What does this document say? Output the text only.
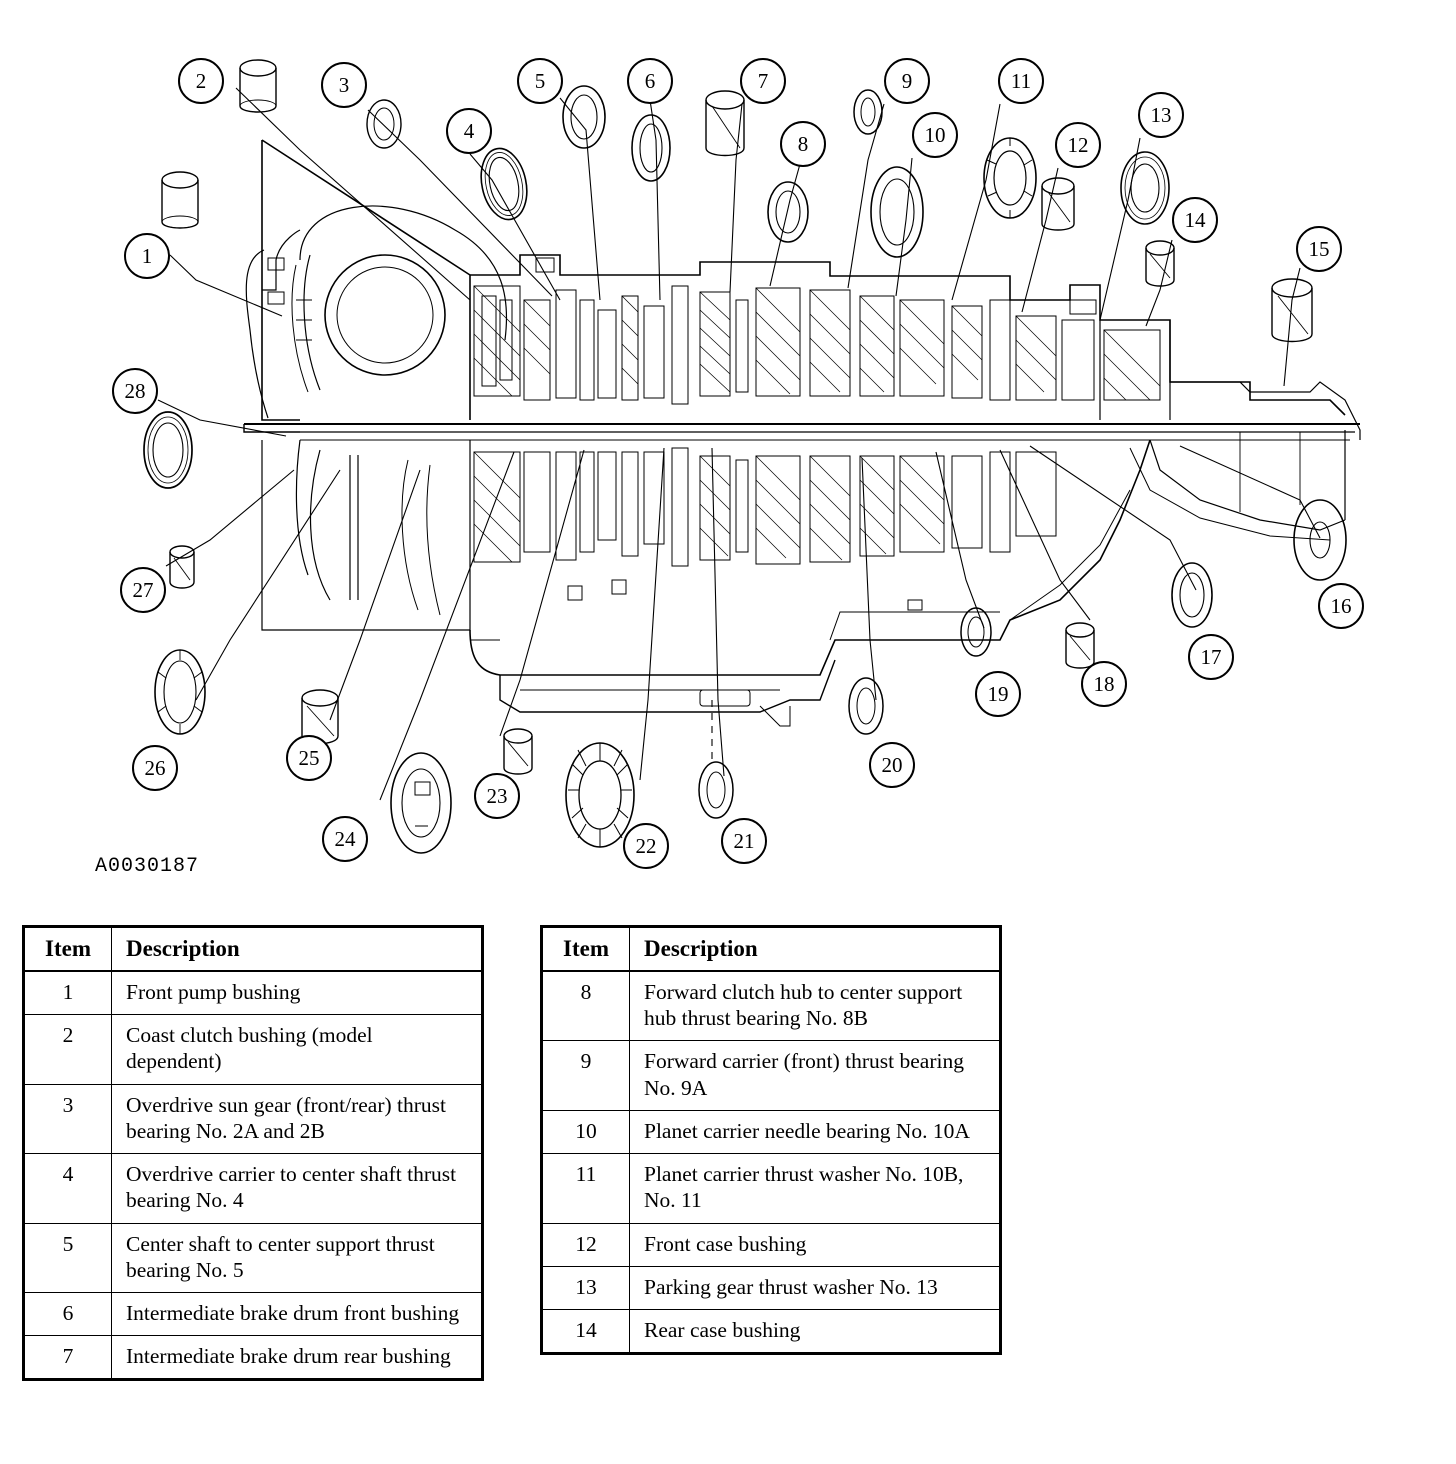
1
2	3
4
5	6	7
8
9
10
11
12
13
14
15
16
17
18
19
20
21
22
23
24
25
26
27
28
A0030187
Item	Description
1	Front pump bushing
2	Coast clutch bushing (model dependent)
3	Overdrive sun gear (front/rear) thrust bearing No. 2A and 2B
4	Overdrive carrier to center shaft thrust bearing No. 4
5	Center shaft to center support thrust bearing No. 5
6	Intermediate brake drum front bushing
7	Intermediate brake drum rear bushing
Item	Description
8	Forward clutch hub to center support hub thrust bearing No. 8B
9	Forward carrier (front) thrust bearing No. 9A
10	Planet carrier needle bearing No. 10A
11	Planet carrier thrust washer No. 10B, No. 11
12	Front case bushing
13	Parking gear thrust washer No. 13
14	Rear case bushing
